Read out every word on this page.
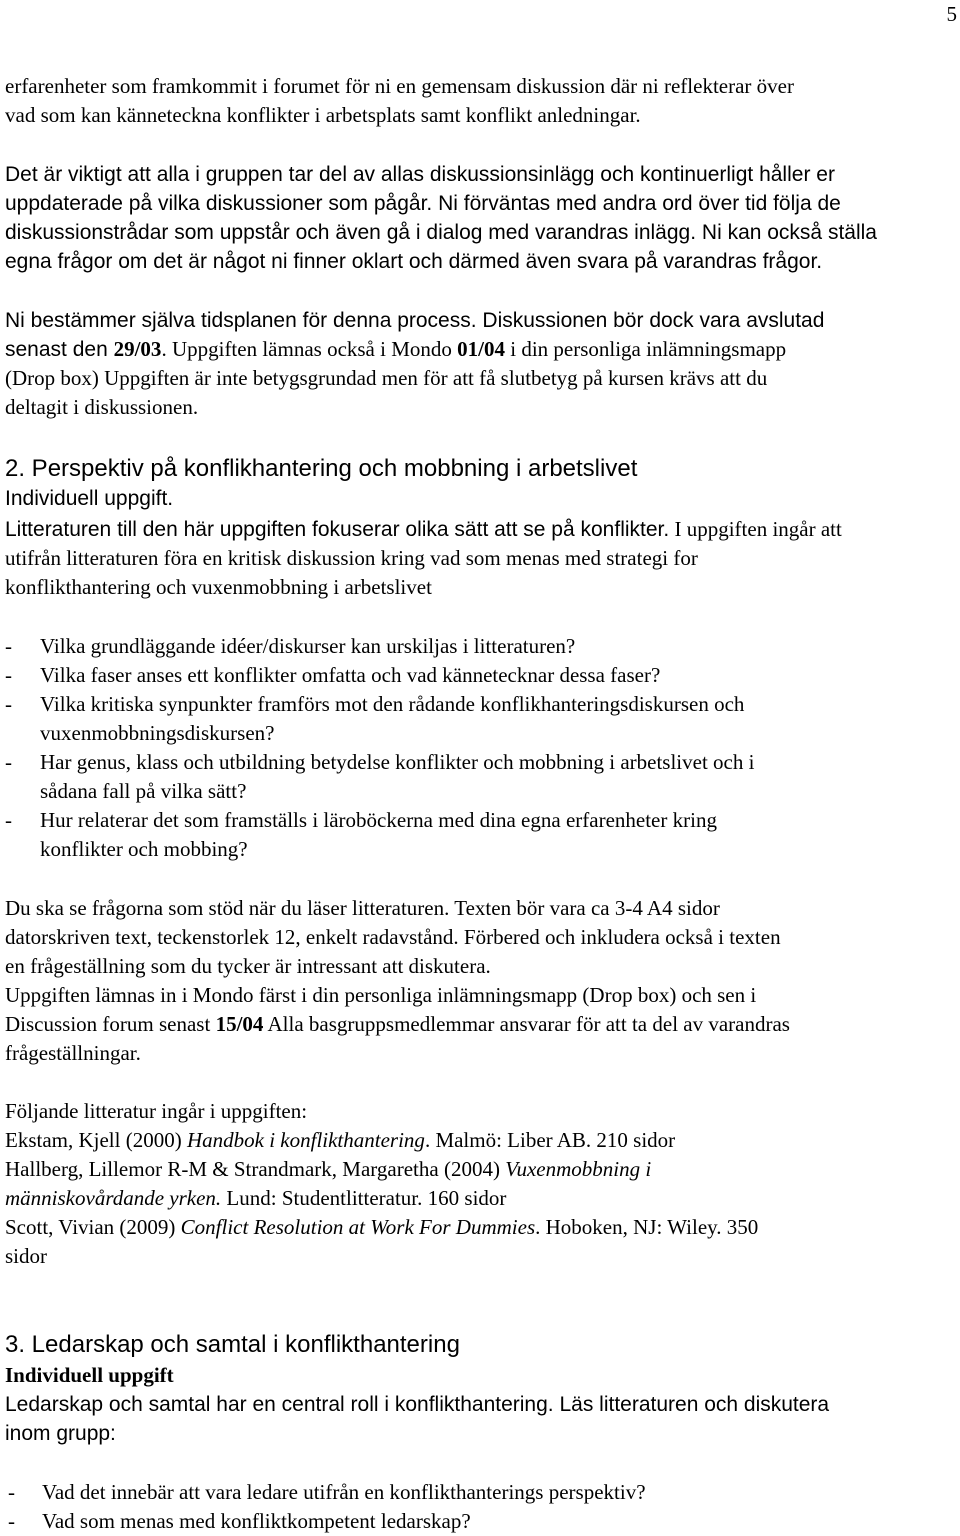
5
erfarenheter som framkommit i forumet för ni en gemensam diskussion där ni reflekterar över
vad som kan känneteckna konflikter i arbetsplats samt konflikt anledningar.
Det är viktigt att alla i gruppen tar del av allas diskussionsinlägg och kontinuerligt håller er
uppdaterade på vilka diskussioner som pågår. Ni förväntas med andra ord över tid följa de
diskussionstrådar som uppstår och även gå i dialog med varandras inlägg. Ni kan också ställa
egna frågor om det är något ni finner oklart och därmed även svara på varandras frågor.
Ni bestämmer själva tidsplanen för denna process. Diskussionen bör dock vara avslutad
senast den 29/03. Uppgiften lämnas också i Mondo 01/04 i din personliga inlämningsmapp
(Drop box) Uppgiften är inte betygsgrundad men för att få slutbetyg på kursen krävs att du
deltagit i diskussionen.
2. Perspektiv på konflikhantering och mobbning i arbetslivet
Individuell uppgift.
Litteraturen till den här uppgiften fokuserar olika sätt att se på konflikter. I uppgiften ingår att
utifrån litteraturen föra en kritisk diskussion kring vad som menas med strategi for
konflikthantering och vuxenmobbning i arbetslivet
- Vilka grundläggande idéer/diskurser kan urskiljas i litteraturen?
- Vilka faser anses ett konflikter omfatta och vad kännetecknar dessa faser?
- Vilka kritiska synpunkter framförs mot den rådande konflikhanteringsdiskursen och
vuxenmobbningsdiskursen?
- Har genus, klass och utbildning betydelse konflikter och mobbning i arbetslivet och i
sådana fall på vilka sätt?
- Hur relaterar det som framställs i läroböckerna med dina egna erfarenheter kring
konflikter och mobbing?
Du ska se frågorna som stöd när du läser litteraturen. Texten bör vara ca 3-4 A4 sidor
datorskriven text, teckenstorlek 12, enkelt radavstånd. Förbered och inkludera också i texten
en frågeställning som du tycker är intressant att diskutera.
Uppgiften lämnas in i Mondo färst i din personliga inlämningsmapp (Drop box) och sen i
Discussion forum senast 15/04 Alla basgruppsmedlemmar ansvarar för att ta del av varandras
frågeställningar.
Följande litteratur ingår i uppgiften:
Ekstam, Kjell (2000) Handbok i konflikthantering. Malmö: Liber AB. 210 sidor
Hallberg, Lillemor R-M & Strandmark, Margaretha (2004) Vuxenmobbning i
människovårdande yrken. Lund: Studentlitteratur. 160 sidor
Scott, Vivian (2009) Conflict Resolution at Work For Dummies. Hoboken, NJ: Wiley. 350
sidor
3. Ledarskap och samtal i konflikthantering
Individuell uppgift
Ledarskap och samtal har en central roll i konflikthantering. Läs litteraturen och diskutera
inom grupp:
- Vad det innebär att vara ledare utifrån en konflikthanterings perspektiv?
- Vad som menas med konfliktkompetent ledarskap?
